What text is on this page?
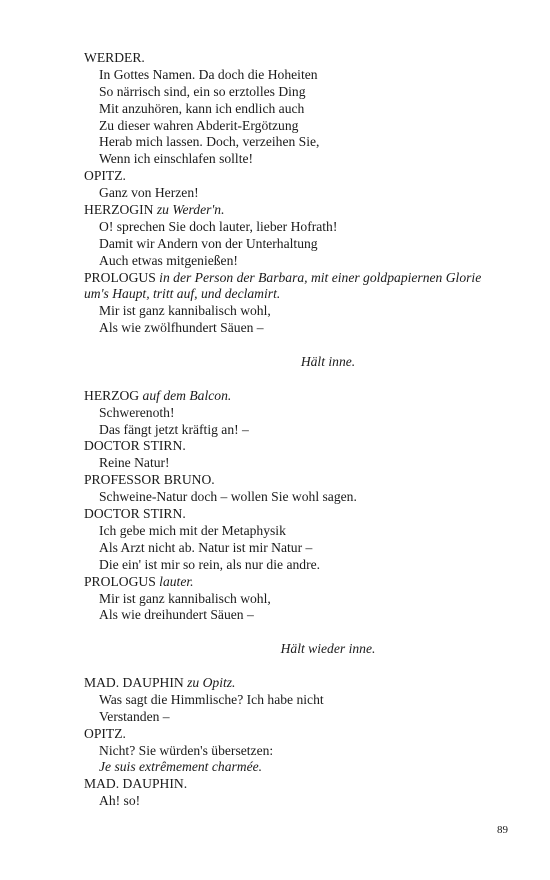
WERDER.
In Gottes Namen. Da doch die Hoheiten
So närrisch sind, ein so erztolles Ding
Mit anzuhören, kann ich endlich auch
Zu dieser wahren Abderit-Ergötzung
Herab mich lassen. Doch, verzeihen Sie,
Wenn ich einschlafen sollte!
OPITZ.
Ganz von Herzen!
HERZOGIN zu Werder'n.
O! sprechen Sie doch lauter, lieber Hofrath!
Damit wir Andern von der Unterhaltung
Auch etwas mitgenießen!
PROLOGUS in der Person der Barbara, mit einer goldpapiernen Glorie
um's Haupt, tritt auf, und declamirt.
Mir ist ganz kannibalisch wohl,
Als wie zwölfhundert Säuen –
Hält inne.
HERZOG auf dem Balcon.
Schwerenoth!
Das fängt jetzt kräftig an! –
DOCTOR STIRN.
Reine Natur!
PROFESSOR BRUNO.
Schweine-Natur doch – wollen Sie wohl sagen.
DOCTOR STIRN.
Ich gebe mich mit der Metaphysik
Als Arzt nicht ab. Natur ist mir Natur –
Die ein' ist mir so rein, als nur die andre.
PROLOGUS lauter.
Mir ist ganz kannibalisch wohl,
Als wie dreihundert Säuen –
Hält wieder inne.
MAD. DAUPHIN zu Opitz.
Was sagt die Himmlische? Ich habe nicht
Verstanden –
OPITZ.
Nicht? Sie würden's übersetzen:
Je suis extrêmement charmée.
MAD. DAUPHIN.
Ah! so!
89
